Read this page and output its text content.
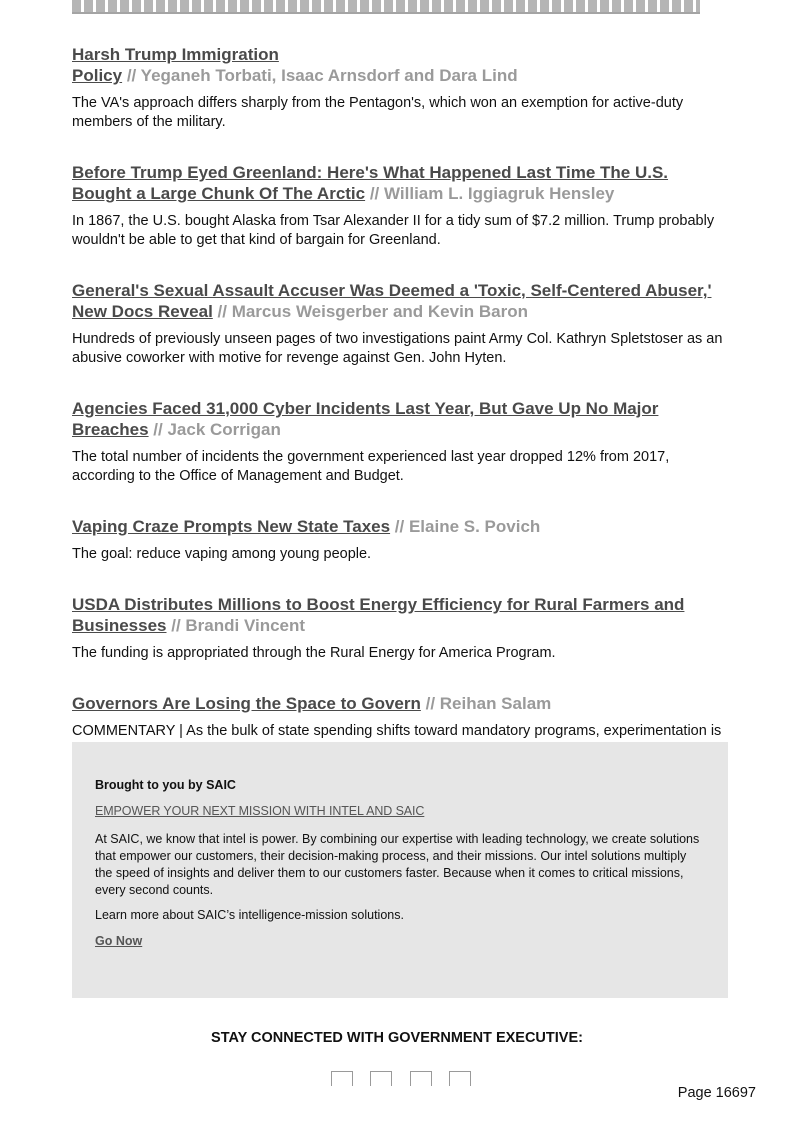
Harsh Trump Immigration
Policy // Yeganeh Torbati, Isaac Arnsdorf and Dara Lind
The VA's approach differs sharply from the Pentagon's, which won an exemption for active-duty members of the military.
Before Trump Eyed Greenland: Here's What Happened Last Time The U.S. Bought a Large Chunk Of The Arctic // William L. Iggiagruk Hensley
In 1867, the U.S. bought Alaska from Tsar Alexander II for a tidy sum of $7.2 million. Trump probably wouldn't be able to get that kind of bargain for Greenland.
General's Sexual Assault Accuser Was Deemed a 'Toxic, Self-Centered Abuser,' New Docs Reveal // Marcus Weisgerber and Kevin Baron
Hundreds of previously unseen pages of two investigations paint Army Col. Kathryn Spletstoser as an abusive coworker with motive for revenge against Gen. John Hyten.
Agencies Faced 31,000 Cyber Incidents Last Year, But Gave Up No Major Breaches // Jack Corrigan
The total number of incidents the government experienced last year dropped 12% from 2017, according to the Office of Management and Budget.
Vaping Craze Prompts New State Taxes // Elaine S. Povich
The goal: reduce vaping among young people.
USDA Distributes Millions to Boost Energy Efficiency for Rural Farmers and Businesses // Brandi Vincent
The funding is appropriated through the Rural Energy for America Program.
Governors Are Losing the Space to Govern // Reihan Salam
COMMENTARY | As the bulk of state spending shifts toward mandatory programs, experimentation is
Brought to you by SAIC
EMPOWER YOUR NEXT MISSION WITH INTEL AND SAIC
At SAIC, we know that intel is power. By combining our expertise with leading technology, we create solutions that empower our customers, their decision-making process, and their missions. Our intel solutions multiply the speed of insights and deliver them to our customers faster. Because when it comes to critical missions, every second counts.
Learn more about SAIC’s intelligence-mission solutions.
Go Now
STAY CONNECTED WITH GOVERNMENT EXECUTIVE:
Page 16697
